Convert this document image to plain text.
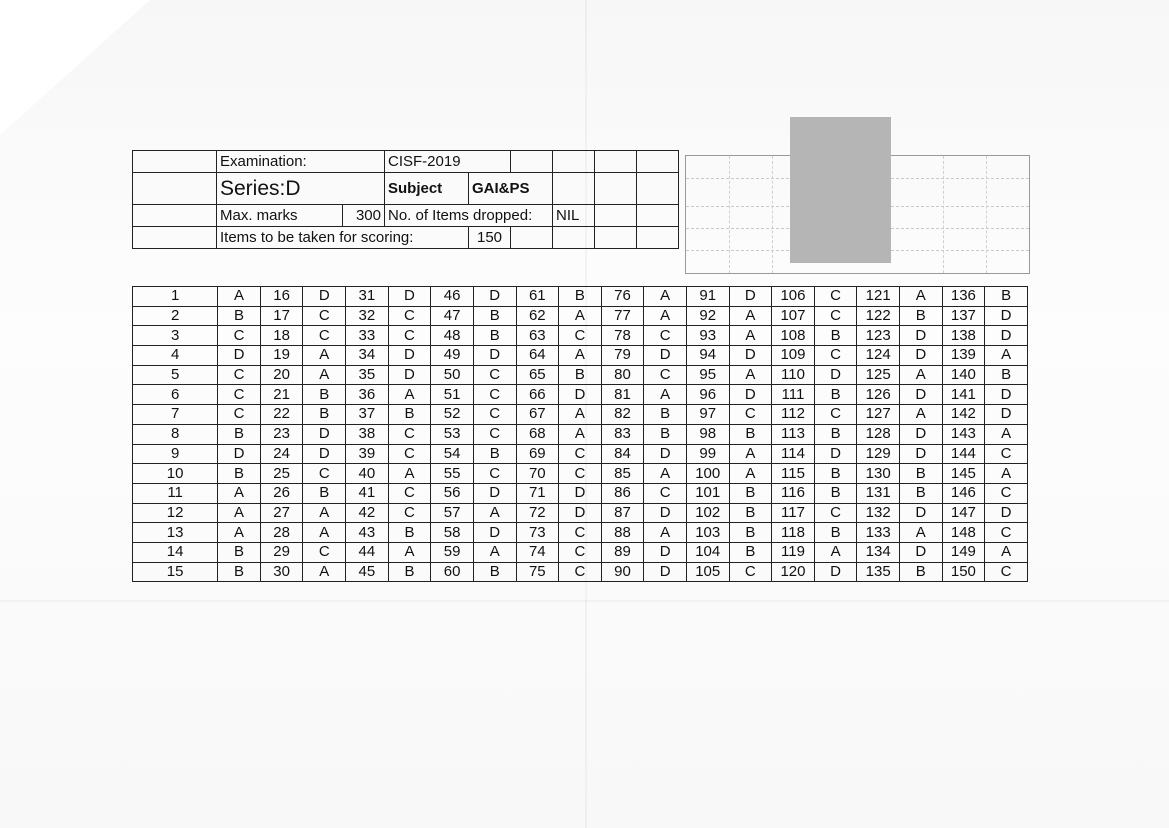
	Examination:		CISF-2019					
	Series:D		Subject	GAI&PS				
	Max. marks	300	No. of Items dropped:			NIL		
	Items to be taken for scoring:			150				
1	A	16	D	31	D	46	D	61	B	76	A	91	D	106	C	121	A	136	B
2	B	17	C	32	C	47	B	62	A	77	A	92	A	107	C	122	B	137	D
3	C	18	C	33	C	48	B	63	C	78	C	93	A	108	B	123	D	138	D
4	D	19	A	34	D	49	D	64	A	79	D	94	D	109	C	124	D	139	A
5	C	20	A	35	D	50	C	65	B	80	C	95	A	110	D	125	A	140	B
6	C	21	B	36	A	51	C	66	D	81	A	96	D	111	B	126	D	141	D
7	C	22	B	37	B	52	C	67	A	82	B	97	C	112	C	127	A	142	D
8	B	23	D	38	C	53	C	68	A	83	B	98	B	113	B	128	D	143	A
9	D	24	D	39	C	54	B	69	C	84	D	99	A	114	D	129	D	144	C
10	B	25	C	40	A	55	C	70	C	85	A	100	A	115	B	130	B	145	A
11	A	26	B	41	C	56	D	71	D	86	C	101	B	116	B	131	B	146	C
12	A	27	A	42	C	57	A	72	D	87	D	102	B	117	C	132	D	147	D
13	A	28	A	43	B	58	D	73	C	88	A	103	B	118	B	133	A	148	C
14	B	29	C	44	A	59	A	74	C	89	D	104	B	119	A	134	D	149	A
15	B	30	A	45	B	60	B	75	C	90	D	105	C	120	D	135	B	150	C
